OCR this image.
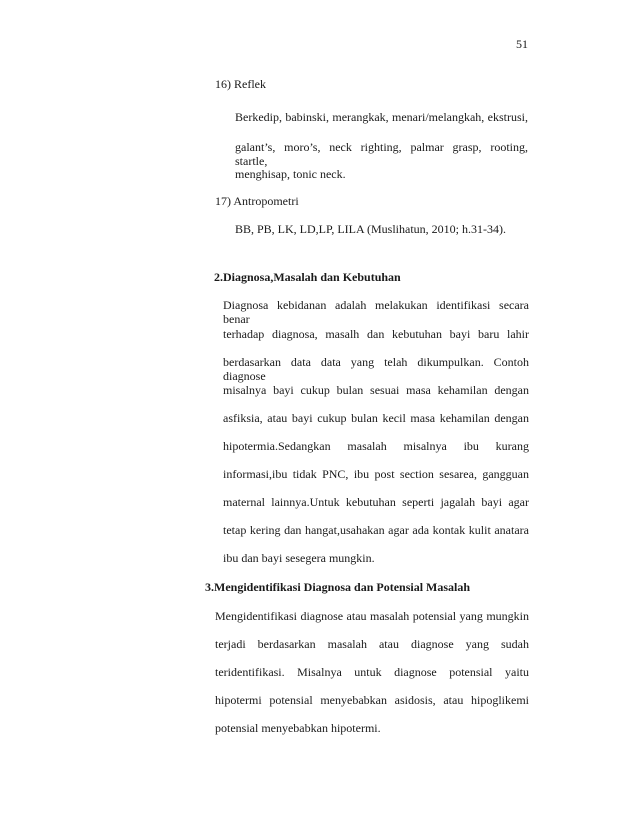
51
16) Reflek
Berkedip, babinski, merangkak, menari/melangkah, ekstrusi,
galant’s, moro’s, neck righting, palmar grasp, rooting, startle,
menghisap, tonic neck.
17) Antropometri
BB, PB, LK, LD,LP, LILA (Muslihatun, 2010; h.31-34).
2.Diagnosa,Masalah dan Kebutuhan
Diagnosa kebidanan adalah melakukan identifikasi secara benar
terhadap diagnosa, masalh dan kebutuhan bayi baru lahir
berdasarkan data data yang telah dikumpulkan. Contoh diagnose
misalnya bayi cukup bulan sesuai masa kehamilan dengan
asfiksia, atau bayi cukup bulan kecil masa kehamilan dengan
hipotermia.Sedangkan masalah misalnya ibu kurang
informasi,ibu tidak PNC, ibu post section sesarea, gangguan
maternal lainnya.Untuk kebutuhan seperti jagalah bayi agar
tetap kering dan hangat,usahakan agar ada kontak kulit anatara
ibu dan bayi sesegera mungkin.
3.Mengidentifikasi Diagnosa dan Potensial Masalah
Mengidentifikasi diagnose atau masalah potensial yang mungkin
terjadi berdasarkan masalah atau diagnose yang sudah
teridentifikasi. Misalnya untuk diagnose potensial yaitu
hipotermi potensial menyebabkan asidosis, atau hipoglikemi
potensial menyebabkan hipotermi.
